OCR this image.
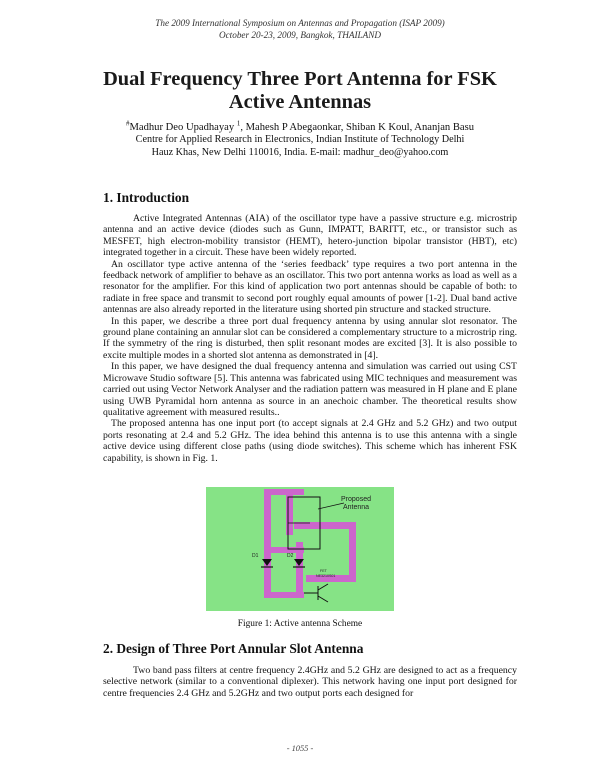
The 2009 International Symposium on Antennas and Propagation (ISAP 2009)
October 20-23, 2009, Bangkok, THAILAND
Dual Frequency Three Port Antenna for FSK
Active Antennas
#Madhur Deo Upadhayay $^1$, Mahesh P Abegaonkar, Shiban K Koul, Ananjan Basu
Centre for Applied Research in Electronics, Indian Institute of Technology Delhi
Hauz Khas, New Delhi 110016, India. E-mail: madhur_deo@yahoo.com
1. Introduction

Active Integrated Antennas (AIA) of the oscillator type have a passive structure e.g. microstrip antenna and an active device (diodes such as Gunn, IMPATT, BARITT, etc., or transistor such as MESFET, high electron-mobility transistor (HEMT), hetero-junction bipolar transistor (HBT), etc) integrated together in a circuit. These have been widely reported.

An oscillator type active antenna of the ‘series feedback’ type requires a two port antenna in the feedback network of amplifier to behave as an oscillator. This two port antenna works as load as well as a resonator for the amplifier. For this kind of application two port antennas should be capable of both: to radiate in free space and transmit to second port roughly equal amounts of power [1-2]. Dual band active antennas are also already reported in the literature using shorted pin structure and stacked structure.

In this paper, we describe a three port dual frequency antenna by using annular slot resonator. The ground plane containing an annular slot can be considered a complementary structure to a microstrip ring. If the symmetry of the ring is disturbed, then split resonant modes are excited [3]. It is also possible to excite multiple modes in a shorted slot antenna as demonstrated in [4].

In this paper, we have designed the dual frequency antenna and simulation was carried out using CST Microwave Studio software [5]. This antenna was fabricated using MIC techniques and measurement was carried out using Vector Network Analyser and the radiation pattern was measured in H plane and E plane using UWB Pyramidal horn antenna as source in an anechoic chamber. The theoretical results show qualitative agreement with measured results..

The proposed antenna has one input port (to accept signals at 2.4 GHz and 5.2 GHz) and two output ports resonating at 2.4 and 5.2 GHz. The idea behind this antenna is to use this antenna with a single active device using different close paths (using diode switches). This scheme which has inherent FSK capability, is shown in Fig. 1.

Proposed
Antenna
D1	D2
FET
NE3210S01
Figure 1: Active antenna Scheme
2. Design of Three Port Annular Slot Antenna

Two band pass filters at centre frequency 2.4GHz and 5.2 GHz are designed to act as a frequency selective network (similar to a conventional diplexer). This network having one input port designed for centre frequencies 2.4 GHz and 5.2GHz and two output ports each designed for

- 1055 -
